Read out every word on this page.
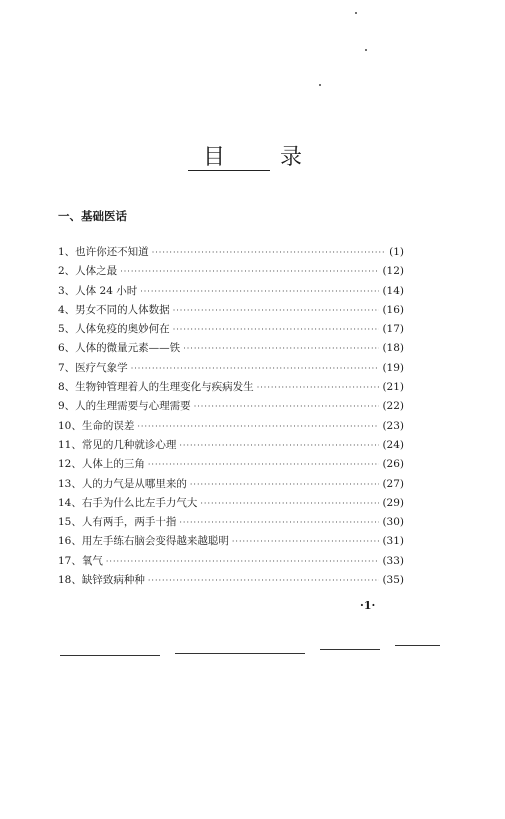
目 录
一、基础医话
1、也许你还不知道 ·····	(1)
2、人体之最 ·····	(12)
3、人体 24 小时 ·····	(14)
4、男女不同的人体数据 ·····	(16)
5、人体免疫的奥妙何在 ·····	(17)
6、人体的微量元素——铁 ·····	(18)
7、医疗气象学 ·····	(19)
8、生物钟管理着人的生理变化与疾病发生 ·····	(21)
9、人的生理需要与心理需要 ·····	(22)
10、生命的误差 ·····	(23)
11、常见的几种就诊心理 ·····	(24)
12、人体上的三角 ·····	(26)
13、人的力气是从哪里来的 ·····	(27)
14、右手为什么比左手力气大 ·····	(29)
15、人有两手，两手十指 ·····	(30)
16、用左手练右脑会变得越来越聪明 ·····	(31)
17、氧气 ·····	(33)
18、缺锌致病种种 ·····	(35)
·1·
